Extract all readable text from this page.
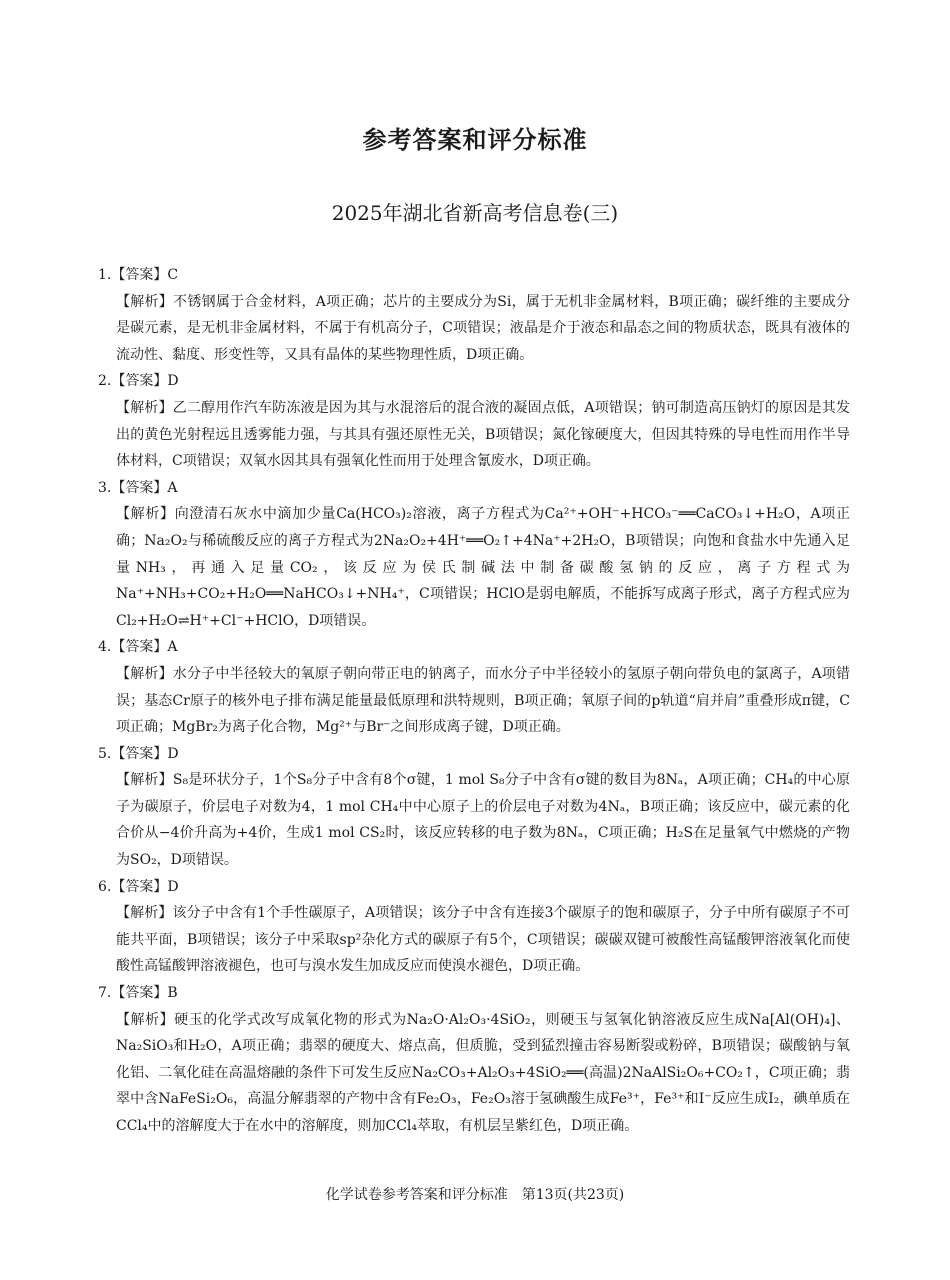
参考答案和评分标准
2025年湖北省新高考信息卷(三)

1.【答案】C

【解析】不锈钢属于合金材料，A项正确；芯片的主要成分为Si，属于无机非金属材料，B项正确；碳纤维的主要成分是碳元素，是无机非金属材料，不属于有机高分子，C项错误；液晶是介于液态和晶态之间的物质状态，既具有液体的流动性、黏度、形变性等，又具有晶体的某些物理性质，D项正确。

2.【答案】D

【解析】乙二醇用作汽车防冻液是因为其与水混溶后的混合液的凝固点低，A项错误；钠可制造高压钠灯的原因是其发出的黄色光射程远且透雾能力强，与其具有强还原性无关，B项错误；氮化镓硬度大，但因其特殊的导电性而用作半导体材料，C项错误；双氧水因其具有强氧化性而用于处理含氰废水，D项正确。

3.【答案】A

【解析】向澄清石灰水中滴加少量Ca(HCO₃)₂溶液，离子方程式为Ca²⁺+OH⁻+HCO₃⁻══CaCO₃↓+H₂O，A项正确；Na₂O₂与稀硫酸反应的离子方程式为2Na₂O₂+4H⁺══O₂↑+4Na⁺+2H₂O，B项错误；向饱和食盐水中先通入足量NH₃，再通入足量CO₂，该反应为侯氏制碱法中制备碳酸氢钠的反应，离子方程式为Na⁺+NH₃+CO₂+H₂O══NaHCO₃↓+NH₄⁺，C项错误；HClO是弱电解质，不能拆写成离子形式，离子方程式应为Cl₂+H₂O⇌H⁺+Cl⁻+HClO，D项错误。

4.【答案】A

【解析】水分子中半径较大的氧原子朝向带正电的钠离子，而水分子中半径较小的氢原子朝向带负电的氯离子，A项错误；基态Cr原子的核外电子排布满足能量最低原理和洪特规则，B项正确；氧原子间的p轨道“肩并肩”重叠形成π键，C项正确；MgBr₂为离子化合物，Mg²⁺与Br⁻之间形成离子键，D项正确。

5.【答案】D

【解析】S₈是环状分子，1个S₈分子中含有8个σ键，1 mol S₈分子中含有σ键的数目为8Nₐ，A项正确；CH₄的中心原子为碳原子，价层电子对数为4，1 mol CH₄中中心原子上的价层电子对数为4Nₐ，B项正确；该反应中，碳元素的化合价从−4价升高为+4价，生成1 mol CS₂时，该反应转移的电子数为8Nₐ，C项正确；H₂S在足量氧气中燃烧的产物为SO₂，D项错误。

6.【答案】D

【解析】该分子中含有1个手性碳原子，A项错误；该分子中含有连接3个碳原子的饱和碳原子，分子中所有碳原子不可能共平面，B项错误；该分子中采取sp²杂化方式的碳原子有5个，C项错误；碳碳双键可被酸性高锰酸钾溶液氧化而使酸性高锰酸钾溶液褪色，也可与溴水发生加成反应而使溴水褪色，D项正确。

7.【答案】B

【解析】硬玉的化学式改写成氧化物的形式为Na₂O·Al₂O₃·4SiO₂，则硬玉与氢氧化钠溶液反应生成Na[Al(OH)₄]、Na₂SiO₃和H₂O，A项正确；翡翠的硬度大、熔点高，但质脆，受到猛烈撞击容易断裂或粉碎，B项错误；碳酸钠与氧化铝、二氧化硅在高温熔融的条件下可发生反应Na₂CO₃+Al₂O₃+4SiO₂══(高温)2NaAlSi₂O₆+CO₂↑，C项正确；翡翠中含NaFeSi₂O₆，高温分解翡翠的产物中含有Fe₂O₃，Fe₂O₃溶于氢碘酸生成Fe³⁺，Fe³⁺和I⁻反应生成I₂，碘单质在CCl₄中的溶解度大于在水中的溶解度，则加CCl₄萃取，有机层呈紫红色，D项正确。

化学试卷参考答案和评分标准　第13页(共23页)
